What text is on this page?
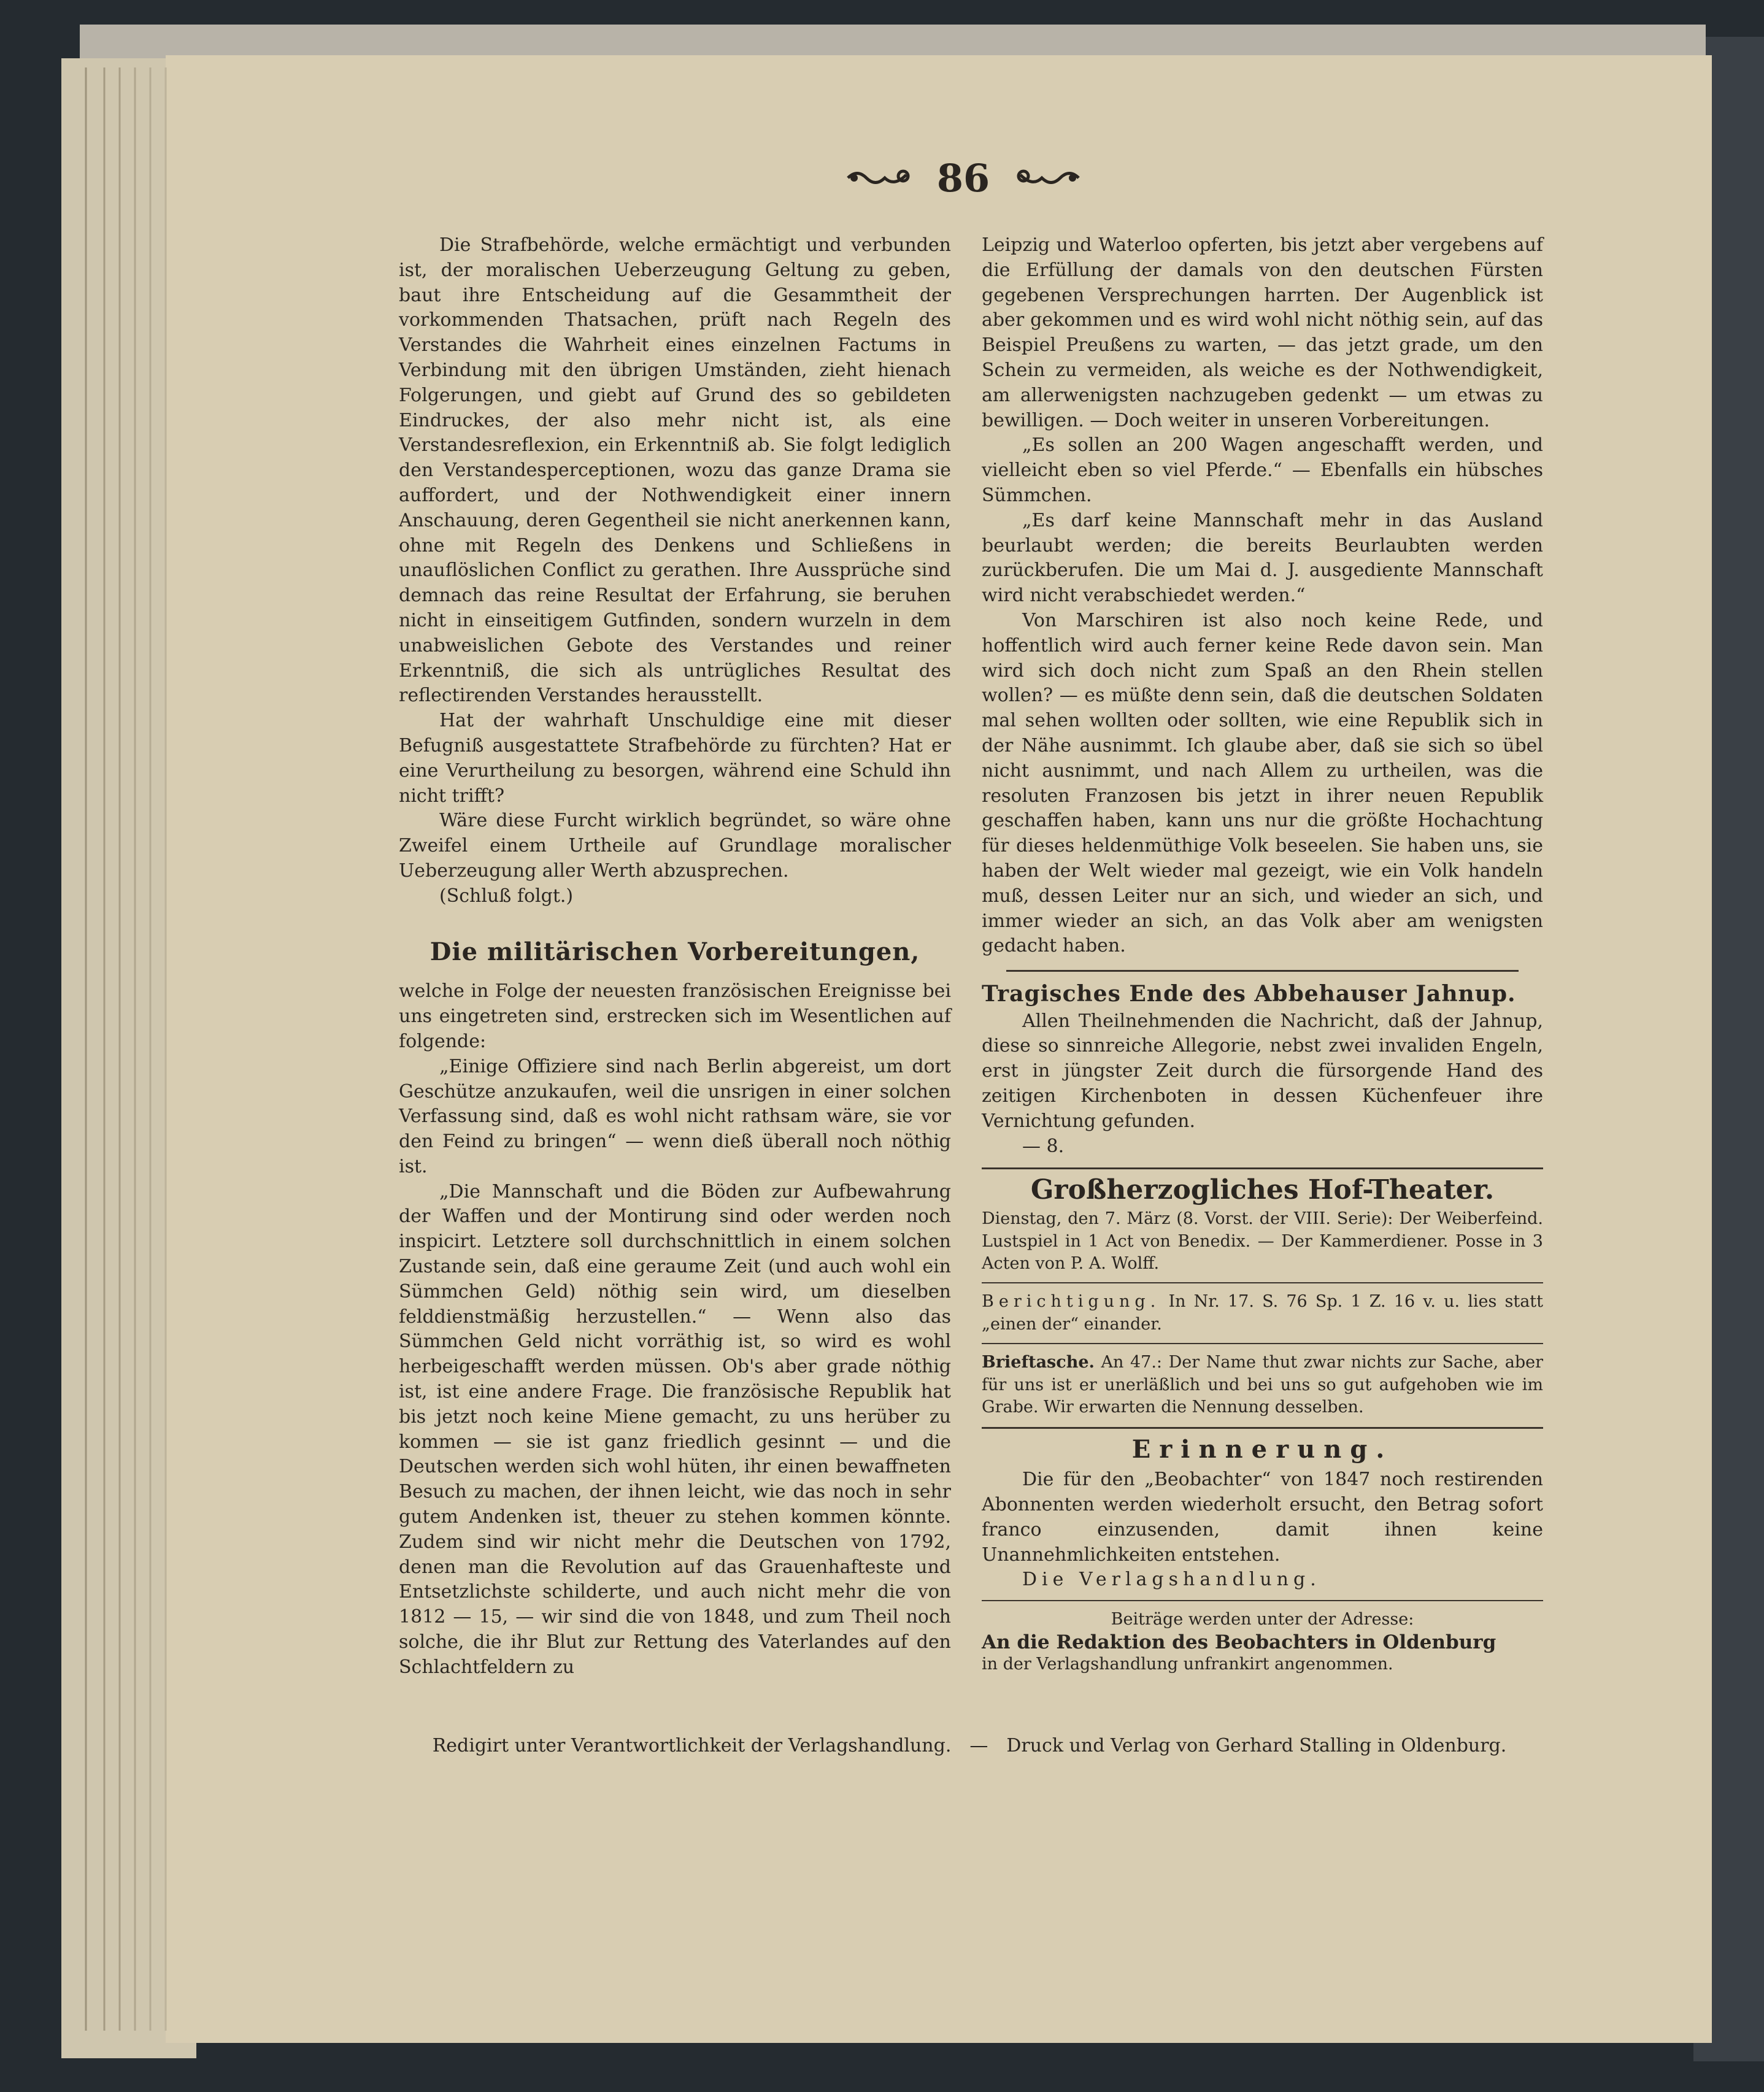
86

Die Strafbehörde, welche ermächtigt und verbunden ist, der moralischen Ueberzeugung Geltung zu geben, baut ihre Entscheidung auf die Gesammtheit der vorkommenden Thatsachen, prüft nach Regeln des Verstandes die Wahrheit eines einzelnen Factums in Verbindung mit den übrigen Umständen, zieht hienach Folgerungen, und giebt auf Grund des so gebildeten Eindruckes, der also mehr nicht ist, als eine Verstandesreflexion, ein Erkenntniß ab. Sie folgt lediglich den Verstandesperceptionen, wozu das ganze Drama sie auffordert, und der Nothwendigkeit einer innern Anschauung, deren Gegentheil sie nicht anerkennen kann, ohne mit Regeln des Denkens und Schließens in unauflöslichen Conflict zu gerathen. Ihre Aussprüche sind demnach das reine Resultat der Erfahrung, sie beruhen nicht in einseitigem Gutfinden, sondern wurzeln in dem unabweislichen Gebote des Verstandes und reiner Erkenntniß, die sich als untrügliches Resultat des reflectirenden Verstandes herausstellt.

Hat der wahrhaft Unschuldige eine mit dieser Befugniß ausgestattete Strafbehörde zu fürchten? Hat er eine Verurtheilung zu besorgen, während eine Schuld ihn nicht trifft?

Wäre diese Furcht wirklich begründet, so wäre ohne Zweifel einem Urtheile auf Grundlage moralischer Ueberzeugung aller Werth abzusprechen.

(Schluß folgt.)

Die militärischen Vorbereitungen,

welche in Folge der neuesten französischen Ereignisse bei uns eingetreten sind, erstrecken sich im Wesentlichen auf folgende:

„Einige Offiziere sind nach Berlin abgereist, um dort Geschütze anzukaufen, weil die unsrigen in einer solchen Verfassung sind, daß es wohl nicht rathsam wäre, sie vor den Feind zu bringen“ — wenn dieß überall noch nöthig ist.

„Die Mannschaft und die Böden zur Aufbewahrung der Waffen und der Montirung sind oder werden noch inspicirt. Letztere soll durchschnittlich in einem solchen Zustande sein, daß eine geraume Zeit (und auch wohl ein Sümmchen Geld) nöthig sein wird, um dieselben felddienstmäßig herzustellen.“ — Wenn also das Sümmchen Geld nicht vorräthig ist, so wird es wohl herbeigeschafft werden müssen. Ob's aber grade nöthig ist, ist eine andere Frage. Die französische Republik hat bis jetzt noch keine Miene gemacht, zu uns herüber zu kommen — sie ist ganz friedlich gesinnt — und die Deutschen werden sich wohl hüten, ihr einen bewaffneten Besuch zu machen, der ihnen leicht, wie das noch in sehr gutem Andenken ist, theuer zu stehen kommen könnte. Zudem sind wir nicht mehr die Deutschen von 1792, denen man die Revolution auf das Grauenhafteste und Entsetzlichste schilderte, und auch nicht mehr die von 1812 — 15, — wir sind die von 1848, und zum Theil noch solche, die ihr Blut zur Rettung des Vaterlandes auf den Schlachtfeldern zu

Leipzig und Waterloo opferten, bis jetzt aber vergebens auf die Erfüllung der damals von den deutschen Fürsten gegebenen Versprechungen harrten. Der Augenblick ist aber gekommen und es wird wohl nicht nöthig sein, auf das Beispiel Preußens zu warten, — das jetzt grade, um den Schein zu vermeiden, als weiche es der Nothwendigkeit, am allerwenigsten nachzugeben gedenkt — um etwas zu bewilligen. — Doch weiter in unseren Vorbereitungen.

„Es sollen an 200 Wagen angeschafft werden, und vielleicht eben so viel Pferde.“ — Ebenfalls ein hübsches Sümmchen.

„Es darf keine Mannschaft mehr in das Ausland beurlaubt werden; die bereits Beurlaubten werden zurückberufen. Die um Mai d. J. ausgediente Mannschaft wird nicht verabschiedet werden.“

Von Marschiren ist also noch keine Rede, und hoffentlich wird auch ferner keine Rede davon sein. Man wird sich doch nicht zum Spaß an den Rhein stellen wollen? — es müßte denn sein, daß die deutschen Soldaten mal sehen wollten oder sollten, wie eine Republik sich in der Nähe ausnimmt. Ich glaube aber, daß sie sich so übel nicht ausnimmt, und nach Allem zu urtheilen, was die resoluten Franzosen bis jetzt in ihrer neuen Republik geschaffen haben, kann uns nur die größte Hochachtung für dieses heldenmüthige Volk beseelen. Sie haben uns, sie haben der Welt wieder mal gezeigt, wie ein Volk handeln muß, dessen Leiter nur an sich, und wieder an sich, und immer wieder an sich, an das Volk aber am wenigsten gedacht haben.

Tragisches Ende des Abbehauser Jahnup.

Allen Theilnehmenden die Nachricht, daß der Jahnup, diese so sinnreiche Allegorie, nebst zwei invaliden Engeln, erst in jüngster Zeit durch die fürsorgende Hand des zeitigen Kirchenboten in dessen Küchenfeuer ihre Vernichtung gefunden.

— 8.

Großherzogliches Hof-Theater.

Dienstag, den 7. März (8. Vorst. der VIII. Serie): Der Weiberfeind. Lustspiel in 1 Act von Benedix. — Der Kammerdiener. Posse in 3 Acten von P. A. Wolff.

Berichtigung. In Nr. 17. S. 76 Sp. 1 Z. 16 v. u. lies statt „einen der“ einander.

Brieftasche. An 47.: Der Name thut zwar nichts zur Sache, aber für uns ist er unerläßlich und bei uns so gut aufgehoben wie im Grabe. Wir erwarten die Nennung desselben.

Erinnerung.

Die für den „Beobachter“ von 1847 noch restirenden Abonnenten werden wiederholt ersucht, den Betrag sofort franco einzusenden, damit ihnen keine Unannehmlichkeiten entstehen.

Die Verlagshandlung.

Beiträge werden unter der Adresse:

An die Redaktion des Beobachters in Oldenburg

in der Verlagshandlung unfrankirt angenommen.

Redigirt unter Verantwortlichkeit der Verlagshandlung. — Druck und Verlag von Gerhard Stalling in Oldenburg.
